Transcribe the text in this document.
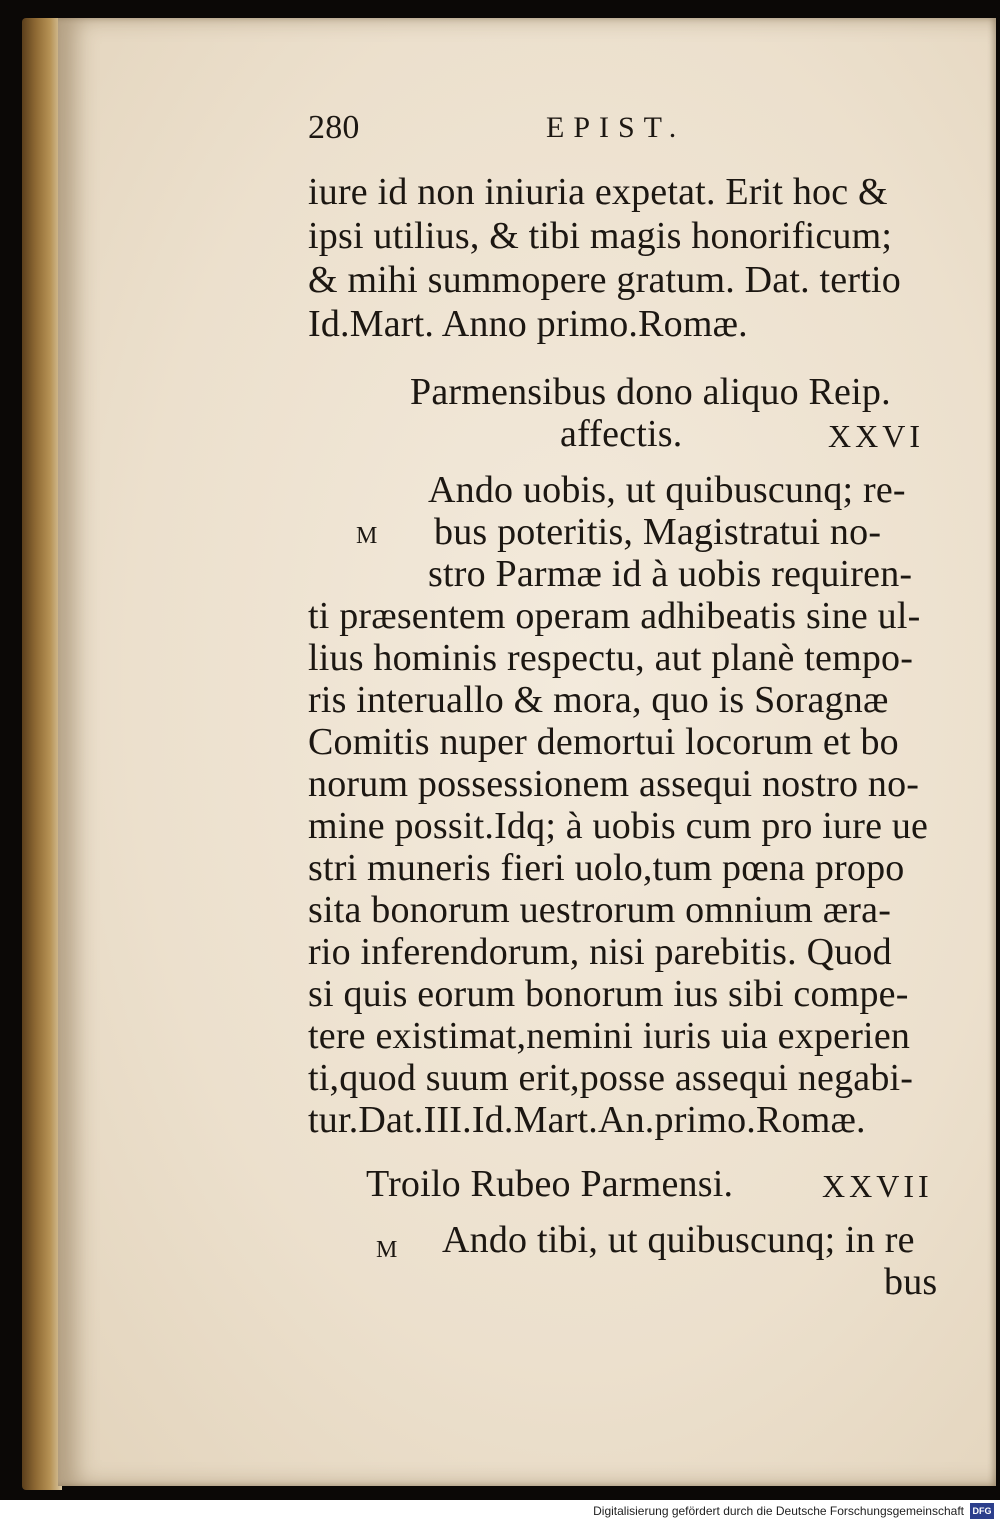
280	EPIST.
iure id non iniuria expetat. Erit hoc &
ipsi utilius, & tibi magis honorificum;
& mihi summopere gratum. Dat. tertio
Id.Mart. Anno primo.Romæ.
Parmensibus dono aliquo Reip.
affectis.	XXVI
Ando uobis, ut quibuscunq; re-
M bus poteritis, Magistratui no-
stro Parmæ id à uobis requiren-
ti præsentem operam adhibeatis sine ul-
lius hominis respectu, aut planè tempo-
ris interuallo & mora, quo is Soragnæ
Comitis nuper demortui locorum et bo
norum possessionem assequi nostro no-
mine possit.Idq; à uobis cum pro iure ue
stri muneris fieri uolo,tum pœna propo
sita bonorum uestrorum omnium æra-
rio inferendorum, nisi parebitis. Quod
si quis eorum bonorum ius sibi compe-
tere existimat,nemini iuris uia experien
ti,quod suum erit,posse assequi negabi-
tur.Dat.III.Id.Mart.An.primo.Romæ.
Troilo Rubeo Parmensi.	XXVII
M Ando tibi, ut quibuscunq; in re
bus
Digitalisierung gefördert durch die Deutsche Forschungsgemeinschaft DFG
